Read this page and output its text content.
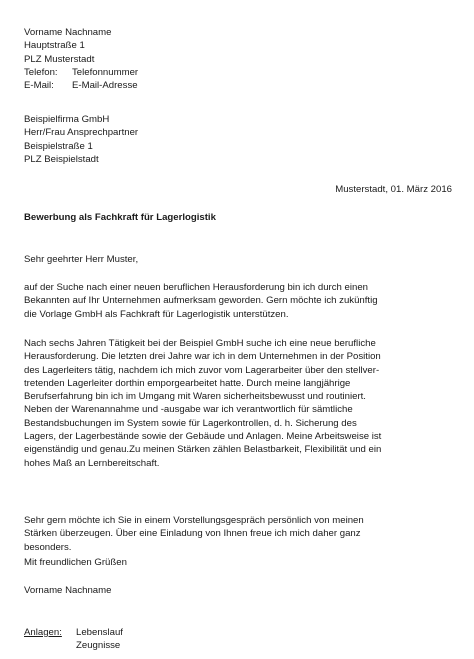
Vorname Nachname
Hauptstraße 1
PLZ Musterstadt
Telefon:	Telefonnummer
E-Mail:	E-Mail-Adresse
Beispielfirma GmbH
Herr/Frau Ansprechpartner
Beispielstraße 1
PLZ Beispielstadt
Musterstadt, 01. März 2016
Bewerbung als Fachkraft für Lagerlogistik
Sehr geehrter Herr Muster,
auf der Suche nach einer neuen beruflichen Herausforderung bin ich durch einen
Bekannten auf Ihr Unternehmen aufmerksam geworden. Gern möchte ich zukünftig
die Vorlage GmbH als Fachkraft für Lagerlogistik unterstützen.
Nach sechs Jahren Tätigkeit bei der Beispiel GmbH suche ich eine neue berufliche
Herausforderung. Die letzten drei Jahre war ich in dem Unternehmen in der Position
des Lagerleiters tätig, nachdem ich mich zuvor vom Lagerarbeiter über den stellver-
tretenden Lagerleiter dorthin emporgearbeitet hatte. Durch meine langjährige
Berufserfahrung bin ich im Umgang mit Waren sicherheitsbewusst und routiniert.
Neben der Warenannahme und -ausgabe war ich verantwortlich für sämtliche
Bestandsbuchungen im System sowie für Lagerkontrollen, d. h. Sicherung des
Lagers, der Lagerbestände sowie der Gebäude und Anlagen. Meine Arbeitsweise ist
eigenständig und genau.Zu meinen Stärken zählen Belastbarkeit, Flexibilität und ein
hohes Maß an Lernbereitschaft.
Sehr gern möchte ich Sie in einem Vorstellungsgespräch persönlich von meinen
Stärken überzeugen. Über eine Einladung von Ihnen freue ich mich daher ganz
besonders.
Mit freundlichen Grüßen
Vorname Nachname
Anlagen:	Lebenslauf
Zeugnisse
